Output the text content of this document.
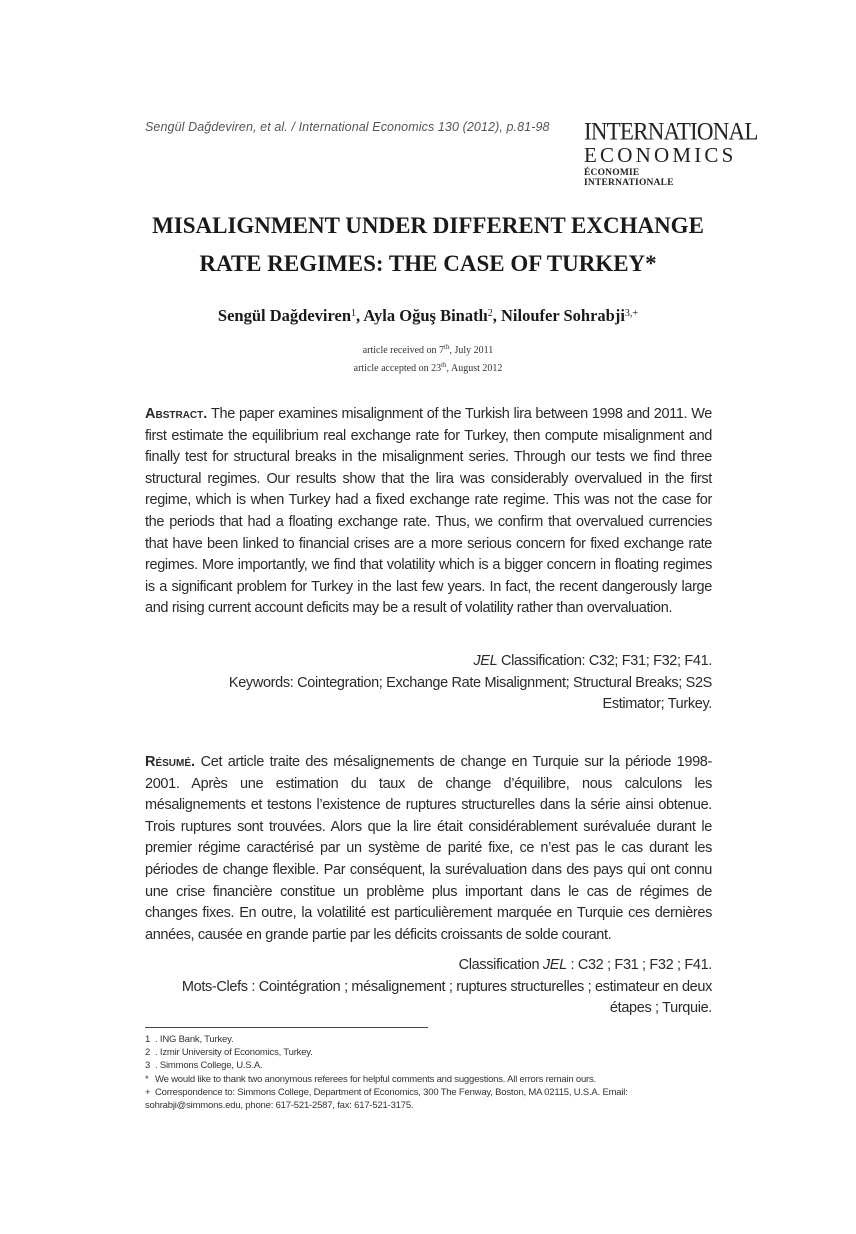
Sengül Dağdeviren, et al. / International Economics 130 (2012), p.81-98 INTERNATIONAL
ECONOMICS
ÉCONOMIE INTERNATIONALE
MISALIGNMENT UNDER DIFFERENT EXCHANGE
RATE REGIMES: THE CASE OF TURKEY*
Sengül Dağdeviren$^1$, Ayla Oğuş Binatlı$^2$, Niloufer Sohrabji$^{3,+}$
article received on 7th, July 2011
article accepted on 23th, August 2012
Abstract. The paper examines misalignment of the Turkish lira between 1998 and 2011. We first estimate the equilibrium real exchange rate for Turkey, then compute misalignment and finally test for structural breaks in the misalignment series. Through our tests we find three structural regimes. Our results show that the lira was considerably overvalued in the first regime, which is when Turkey had a fixed exchange rate regime. This was not the case for the periods that had a floating exchange rate. Thus, we confirm that overvalued currencies that have been linked to financial crises are a more serious concern for fixed exchange rate regimes. More importantly, we find that volatility which is a bigger concern in floating regimes is a significant problem for Turkey in the last few years. In fact, the recent dangerously large and rising current account deficits may be a result of volatility rather than overvaluation.
JEL Classification: C32; F31; F32; F41.
Keywords: Cointegration; Exchange Rate Misalignment; Structural Breaks; S2S
Estimator; Turkey.
Résumé. Cet article traite des mésalignements de change en Turquie sur la période 1998-2001. Après une estimation du taux de change d’équilibre, nous calculons les mésalignements et testons l’existence de ruptures structurelles dans la série ainsi obtenue. Trois ruptures sont trouvées. Alors que la lire était considérablement surévaluée durant le premier régime caractérisé par un système de parité fixe, ce n’est pas le cas durant les périodes de change flexible. Par conséquent, la surévaluation dans des pays qui ont connu une crise financière constitue un problème plus important dans le cas de régimes de changes fixes. En outre, la volatilité est particulièrement marquée en Turquie ces dernières années, causée en grande partie par les déficits croissants de solde courant.
Classification JEL : C32 ; F31 ; F32 ; F41.
Mots-Clefs : Cointégration ; mésalignement ; ruptures structurelles ; estimateur en deux
étapes ; Turquie.
1 . ING Bank, Turkey.
2 . Izmir University of Economics, Turkey.
3 . Simmons College, U.S.A.
* We would like to thank two anonymous referees for helpful comments and suggestions. All errors remain ours.
+ Correspondence to: Simmons College, Department of Economics, 300 The Fenway, Boston, MA 02115, U.S.A. Email: sohrabji@simmons.edu, phone: 617-521-2587, fax: 617-521-3175.
